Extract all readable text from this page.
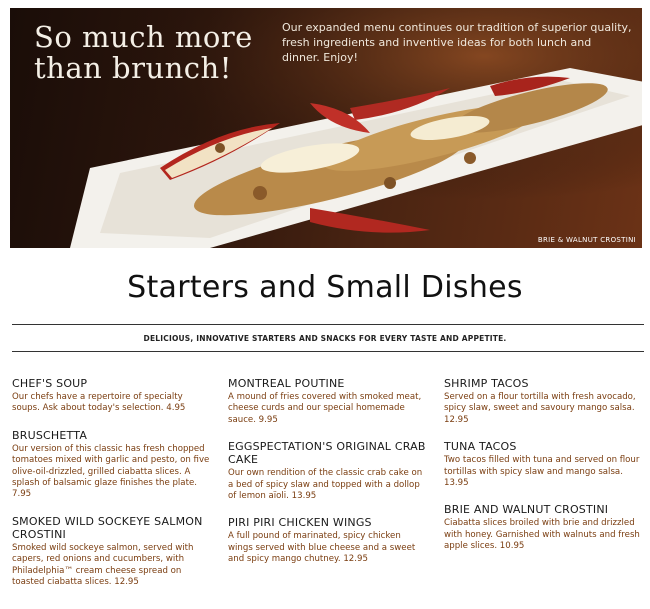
So much more
than brunch!
Our expanded menu continues our tradition of superior quality, fresh ingredients and inventive ideas for both lunch and dinner. Enjoy!
BRIE & WALNUT CROSTINI
Starters and Small Dishes
DELICIOUS, INNOVATIVE STARTERS AND SNACKS FOR EVERY TASTE AND APPETITE.
CHEF'S SOUP
Our chefs have a repertoire of specialty soups. Ask about today's selection. 4.95
BRUSCHETTA
Our version of this classic has fresh chopped tomatoes mixed with garlic and pesto, on five olive-oil-drizzled, grilled ciabatta slices. A splash of balsamic glaze finishes the plate. 7.95
SMOKED WILD SOCKEYE SALMON CROSTINI
Smoked wild sockeye salmon, served with capers, red onions and cucumbers, with Philadelphia™ cream cheese spread on toasted ciabatta slices. 12.95
MONTREAL POUTINE
A mound of fries covered with smoked meat, cheese curds and our special homemade sauce. 9.95
EGGSPECTATION'S ORIGINAL CRAB CAKE
Our own rendition of the classic crab cake on a bed of spicy slaw and topped with a dollop of lemon aïoli. 13.95
PIRI PIRI CHICKEN WINGS
A full pound of marinated, spicy chicken wings served with blue cheese and a sweet and spicy mango chutney. 12.95
SHRIMP TACOS
Served on a flour tortilla with fresh avocado, spicy slaw, sweet and savoury mango salsa. 12.95
TUNA TACOS
Two tacos filled with tuna and served on flour tortillas with spicy slaw and mango salsa. 13.95
BRIE AND WALNUT CROSTINI
Ciabatta slices broiled with brie and drizzled with honey. Garnished with walnuts and fresh apple slices. 10.95
